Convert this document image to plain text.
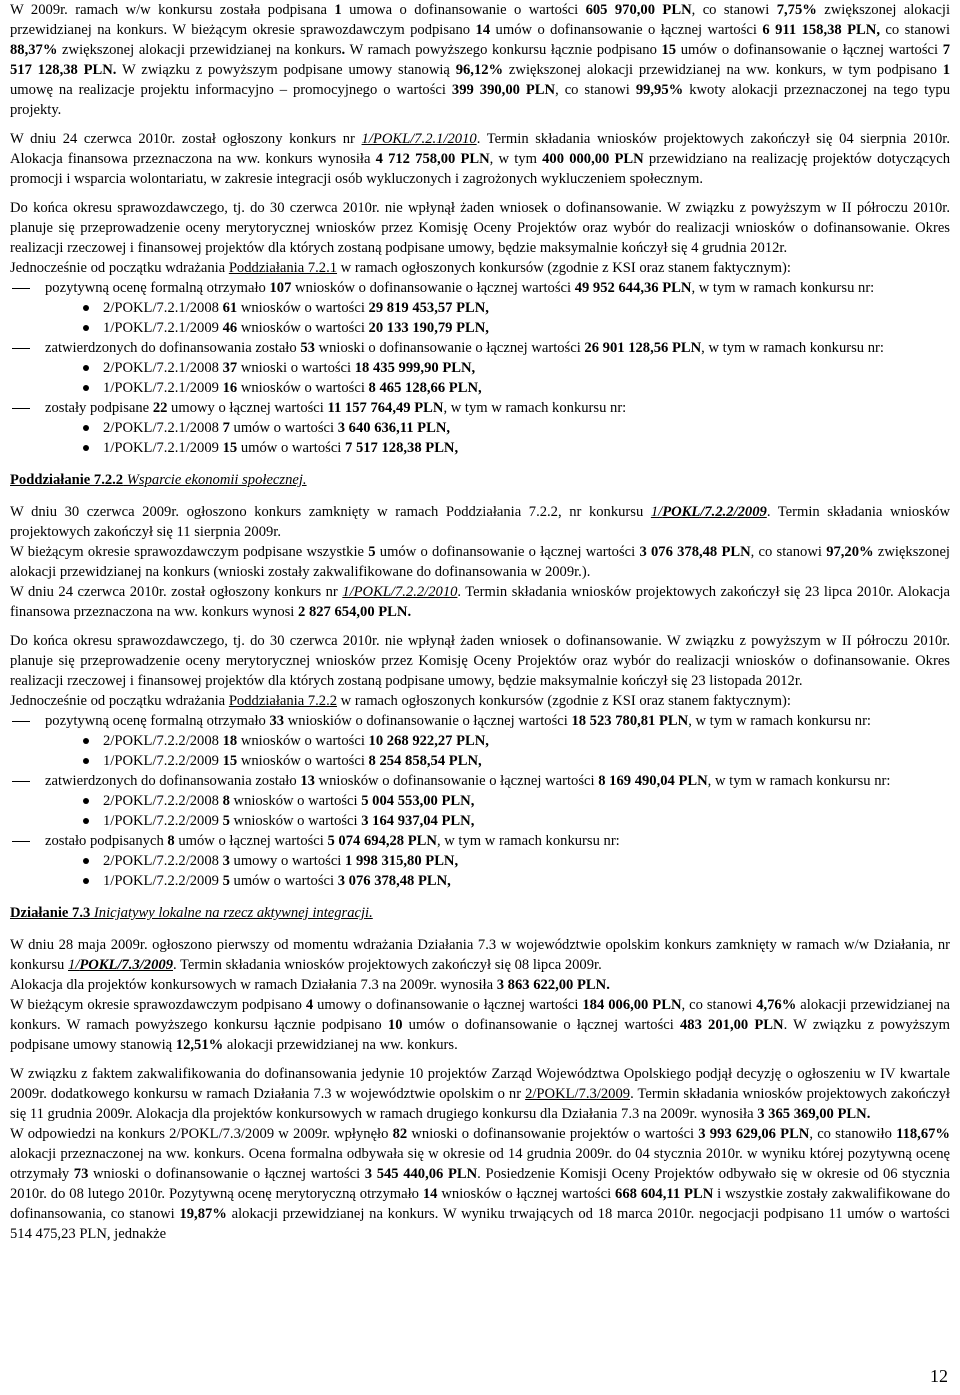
W 2009r. ramach w/w konkursu została podpisana 1 umowa o dofinansowanie o wartości 605 970,00 PLN, co stanowi 7,75% zwiększonej alokacji przewidzianej na konkurs. W bieżącym okresie sprawozdawczym podpisano 14 umów o dofinansowanie o łącznej wartości 6 911 158,38 PLN, co stanowi 88,37% zwiększonej alokacji przewidzianej na konkurs. W ramach powyższego konkursu łącznie podpisano 15 umów o dofinansowanie o łącznej wartości 7 517 128,38 PLN. W związku z powyższym podpisane umowy stanowią 96,12% zwiększonej alokacji przewidzianej na ww. konkurs, w tym podpisano 1 umowę na realizacje projektu informacyjno – promocyjnego o wartości 399 390,00 PLN, co stanowi 99,95% kwoty alokacji przeznaczonej na tego typu projekty.

W dniu 24 czerwca 2010r. został ogłoszony konkurs nr 1/POKL/7.2.1/2010. Termin składania wniosków projektowych zakończył się 04 sierpnia 2010r. Alokacja finansowa przeznaczona na ww. konkurs wynosiła 4 712 758,00 PLN, w tym 400 000,00 PLN przewidziano na realizację projektów dotyczących promocji i wsparcia wolontariatu, w zakresie integracji osób wykluczonych i zagrożonych wykluczeniem społecznym.

Do końca okresu sprawozdawczego, tj. do 30 czerwca 2010r. nie wpłynął żaden wniosek o dofinansowanie. W związku z powyższym w II półroczu 2010r. planuje się przeprowadzenie oceny merytorycznej wniosków przez Komisję Oceny Projektów oraz wybór do realizacji wniosków o dofinansowanie. Okres realizacji rzeczowej i finansowej projektów dla których zostaną podpisane umowy, będzie maksymalnie kończył się 4 grudnia 2012r.

Jednocześnie od początku wdrażania Poddziałania 7.2.1 w ramach ogłoszonych konkursów (zgodnie z KSI oraz stanem faktycznym):

pozytywną ocenę formalną otrzymało 107 wniosków o dofinansowanie o łącznej wartości 49 952 644,36 PLN, w tym w ramach konkursu nr:
2/POKL/7.2.1/2008 61 wniosków o wartości 29 819 453,57 PLN,
1/POKL/7.2.1/2009 46 wniosków o wartości 20 133 190,79 PLN,
zatwierdzonych do dofinansowania zostało 53 wnioski o dofinansowanie o łącznej wartości 26 901 128,56 PLN, w tym w ramach konkursu nr:
2/POKL/7.2.1/2008 37 wnioski o wartości 18 435 999,90 PLN,
1/POKL/7.2.1/2009 16 wniosków o wartości 8 465 128,66 PLN,
zostały podpisane 22 umowy o łącznej wartości 11 157 764,49 PLN, w tym w ramach konkursu nr:
2/POKL/7.2.1/2008 7 umów o wartości 3 640 636,11 PLN,
1/POKL/7.2.1/2009 15 umów o wartości 7 517 128,38 PLN,

Poddziałanie 7.2.2 Wsparcie ekonomii społecznej.

W dniu 30 czerwca 2009r. ogłoszono konkurs zamknięty w ramach Poddziałania 7.2.2, nr konkursu 1/POKL/7.2.2/2009. Termin składania wniosków projektowych zakończył się 11 sierpnia 2009r.

W bieżącym okresie sprawozdawczym podpisane wszystkie 5 umów o dofinansowanie o łącznej wartości 3 076 378,48 PLN, co stanowi 97,20% zwiększonej alokacji przewidzianej na konkurs (wnioski zostały zakwalifikowane do dofinansowania w 2009r.).

W dniu 24 czerwca 2010r. został ogłoszony konkurs nr 1/POKL/7.2.2/2010. Termin składania wniosków projektowych zakończył się 23 lipca 2010r. Alokacja finansowa przeznaczona na ww. konkurs wynosi 2 827 654,00 PLN.

Do końca okresu sprawozdawczego, tj. do 30 czerwca 2010r. nie wpłynął żaden wniosek o dofinansowanie. W związku z powyższym w II półroczu 2010r. planuje się przeprowadzenie oceny merytorycznej wniosków przez Komisję Oceny Projektów oraz wybór do realizacji wniosków o dofinansowanie. Okres realizacji rzeczowej i finansowej projektów dla których zostaną podpisane umowy, będzie maksymalnie kończył się 23 listopada 2012r.

Jednocześnie od początku wdrażania Poddziałania 7.2.2 w ramach ogłoszonych konkursów (zgodnie z KSI oraz stanem faktycznym):

pozytywną ocenę formalną otrzymało 33 wnioskiów o dofinansowanie o łącznej wartości 18 523 780,81 PLN, w tym w ramach konkursu nr:
2/POKL/7.2.2/2008 18 wniosków o wartości 10 268 922,27 PLN,
1/POKL/7.2.2/2009 15 wniosków o wartości 8 254 858,54 PLN,
zatwierdzonych do dofinansowania zostało 13 wniosków o dofinansowanie o łącznej wartości 8 169 490,04 PLN, w tym w ramach konkursu nr:
2/POKL/7.2.2/2008 8 wniosków o wartości 5 004 553,00 PLN,
1/POKL/7.2.2/2009 5 wniosków o wartości 3 164 937,04 PLN,
zostało podpisanych 8 umów o łącznej wartości 5 074 694,28 PLN, w tym w ramach konkursu nr:
2/POKL/7.2.2/2008 3 umowy o wartości 1 998 315,80 PLN,
1/POKL/7.2.2/2009 5 umów o wartości 3 076 378,48 PLN,

Działanie 7.3 Inicjatywy lokalne na rzecz aktywnej integracji.

W dniu 28 maja 2009r. ogłoszono pierwszy od momentu wdrażania Działania 7.3 w województwie opolskim konkurs zamknięty w ramach w/w Działania, nr konkursu 1/POKL/7.3/2009. Termin składania wniosków projektowych zakończył się 08 lipca 2009r.

Alokacja dla projektów konkursowych w ramach Działania 7.3 na 2009r. wynosiła 3 863 622,00 PLN.

W bieżącym okresie sprawozdawczym podpisano 4 umowy o dofinansowanie o łącznej wartości 184 006,00 PLN, co stanowi 4,76% alokacji przewidzianej na konkurs. W ramach powyższego konkursu łącznie podpisano 10 umów o dofinansowanie o łącznej wartości 483 201,00 PLN. W związku z powyższym podpisane umowy stanowią 12,51% alokacji przewidzianej na ww. konkurs.

W związku z faktem zakwalifikowania do dofinansowania jedynie 10 projektów Zarząd Województwa Opolskiego podjął decyzję o ogłoszeniu w IV kwartale 2009r. dodatkowego konkursu w ramach Działania 7.3 w województwie opolskim o nr 2/POKL/7.3/2009. Termin składania wniosków projektowych zakończył się 11 grudnia 2009r. Alokacja dla projektów konkursowych w ramach drugiego konkursu dla Działania 7.3 na 2009r. wynosiła 3 365 369,00 PLN.

W odpowiedzi na konkurs 2/POKL/7.3/2009 w 2009r. wpłynęło 82 wnioski o dofinansowanie projektów o wartości 3 993 629,06 PLN, co stanowiło 118,67% alokacji przeznaczonej na ww. konkurs. Ocena formalna odbywała się w okresie od 14 grudnia 2009r. do 04 stycznia 2010r. w wyniku której pozytywną ocenę otrzymały 73 wnioski o dofinansowanie o łącznej wartości 3 545 440,06 PLN. Posiedzenie Komisji Oceny Projektów odbywało się w okresie od 06 stycznia 2010r. do 08 lutego 2010r. Pozytywną ocenę merytoryczną otrzymało 14 wniosków o łącznej wartości 668 604,11 PLN i wszystkie zostały zakwalifikowane do dofinansowania, co stanowi 19,87% alokacji przewidzianej na konkurs. W wyniku trwających od 18 marca 2010r. negocjacji podpisano 11 umów o wartości 514 475,23 PLN, jednakże

12
